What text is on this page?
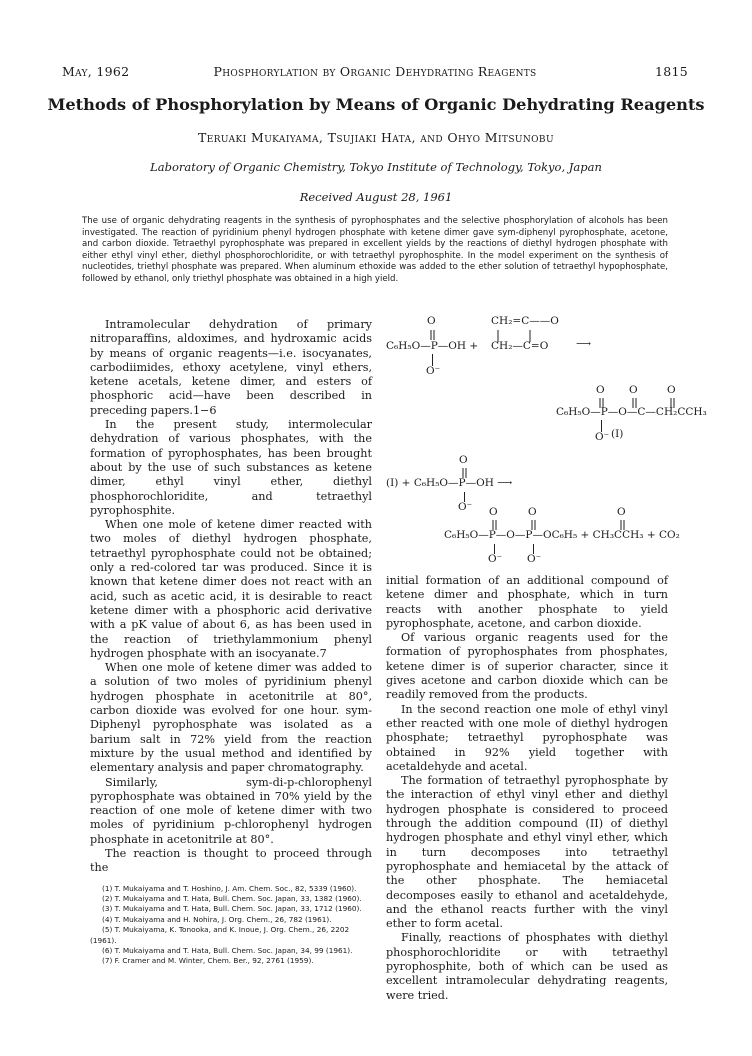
May, 1962	Phosphorylation by Organic Dehydrating Reagents	1815
Methods of Phosphorylation by Means of Organic Dehydrating Reagents
Teruaki Mukaiyama, Tsujiaki Hata, and Ohyo Mitsunobu
Laboratory of Organic Chemistry, Tokyo Institute of Technology, Tokyo, Japan
Received August 28, 1961
The use of organic dehydrating reagents in the synthesis of pyrophosphates and the selective phosphorylation of alcohols has been investigated. The reaction of pyridinium phenyl hydrogen phosphate with ketene dimer gave sym-diphenyl pyrophosphate, acetone, and carbon dioxide. Tetraethyl pyrophosphate was prepared in excellent yields by the reactions of diethyl hydrogen phosphate with either ethyl vinyl ether, diethyl phosphorochloridite, or with tetraethyl pyrophosphite. In the model experiment on the synthesis of nucleotides, triethyl phosphate was prepared. When aluminum ethoxide was added to the ether solution of tetraethyl hypophosphate, followed by ethanol, only triethyl phosphate was obtained in a high yield.

Intramolecular dehydration of primary nitroparaffins, aldoximes, and hydroxamic acids by means of organic reagents—i.e. isocyanates, carbodiimides, ethoxy acetylene, vinyl ethers, ketene acetals, ketene dimer, and esters of phosphoric acid—have been described in preceding papers.1−6

In the present study, intermolecular dehydration of various phosphates, with the formation of pyrophosphates, has been brought about by the use of such substances as ketene dimer, ethyl vinyl ether, diethyl phosphorochloridite, and tetraethyl pyrophosphite.

When one mole of ketene dimer reacted with two moles of diethyl hydrogen phosphate, tetraethyl pyrophosphate could not be obtained; only a red-colored tar was produced. Since it is known that ketene dimer does not react with an acid, such as acetic acid, it is desirable to react ketene dimer with a phosphoric acid derivative with a pK value of about 6, as has been used in the reaction of triethylammonium phenyl hydrogen phosphate with an isocyanate.7

When one mole of ketene dimer was added to a solution of two moles of pyridinium phenyl hydrogen phosphate in acetonitrile at 80°, carbon dioxide was evolved for one hour. sym-Diphenyl pyrophosphate was isolated as a barium salt in 72% yield from the reaction mixture by the usual method and identified by elementary analysis and paper chromatography.

Similarly, sym-di-p-chlorophenyl pyrophosphate was obtained in 70% yield by the reaction of one mole of ketene dimer with two moles of pyridinium p-chlorophenyl hydrogen phosphate in acetonitrile at 80°.

The reaction is thought to proceed through the

(1) T. Mukaiyama and T. Hoshino, J. Am. Chem. Soc., 82, 5339 (1960).
(2) T. Mukaiyama and T. Hata, Bull. Chem. Soc. Japan, 33, 1382 (1960).
(3) T. Mukaiyama and T. Hata, Bull. Chem. Soc. Japan, 33, 1712 (1960).
(4) T. Mukaiyama and H. Nohira, J. Org. Chem., 26, 782 (1961).
(5) T. Mukaiyama, K. Tonooka, and K. Inoue, J. Org. Chem., 26, 2202 (1961).
(6) T. Mukaiyama and T. Hata, Bull. Chem. Soc. Japan, 34, 99 (1961).
(7) F. Cramer and M. Winter, Chem. Ber., 92, 2761 (1959).
O
C₆H₅O—P—OH +
CH₂=C——O
CH₂—C=O	⟶
O⁻
O O	O
C₆H₅O—P—O—C—CH₂CCH₃
O⁻ (I)
O
(I) + C₆H₅O—P—OH ⟶
O⁻ O	O	O
C₆H₅O—P—O—P—OC₆H₅ + CH₃CCH₃ + CO₂
O⁻ O⁻

initial formation of an additional compound of ketene dimer and phosphate, which in turn reacts with another phosphate to yield pyrophosphate, acetone, and carbon dioxide.

Of various organic reagents used for the formation of pyrophosphates from phosphates, ketene dimer is of superior character, since it gives acetone and carbon dioxide which can be readily removed from the products.

In the second reaction one mole of ethyl vinyl ether reacted with one mole of diethyl hydrogen phosphate; tetraethyl pyrophosphate was obtained in 92% yield together with acetaldehyde and acetal.

The formation of tetraethyl pyrophosphate by the interaction of ethyl vinyl ether and diethyl hydrogen phosphate is considered to proceed through the addition compound (II) of diethyl hydrogen phosphate and ethyl vinyl ether, which in turn decomposes into tetraethyl pyrophosphate and hemiacetal by the attack of the other phosphate. The hemiacetal decomposes easily to ethanol and acetaldehyde, and the ethanol reacts further with the vinyl ether to form acetal.

Finally, reactions of phosphates with diethyl phosphorochloridite or with tetraethyl pyrophosphite, both of which can be used as excellent intramolecular dehydrating reagents, were tried.
